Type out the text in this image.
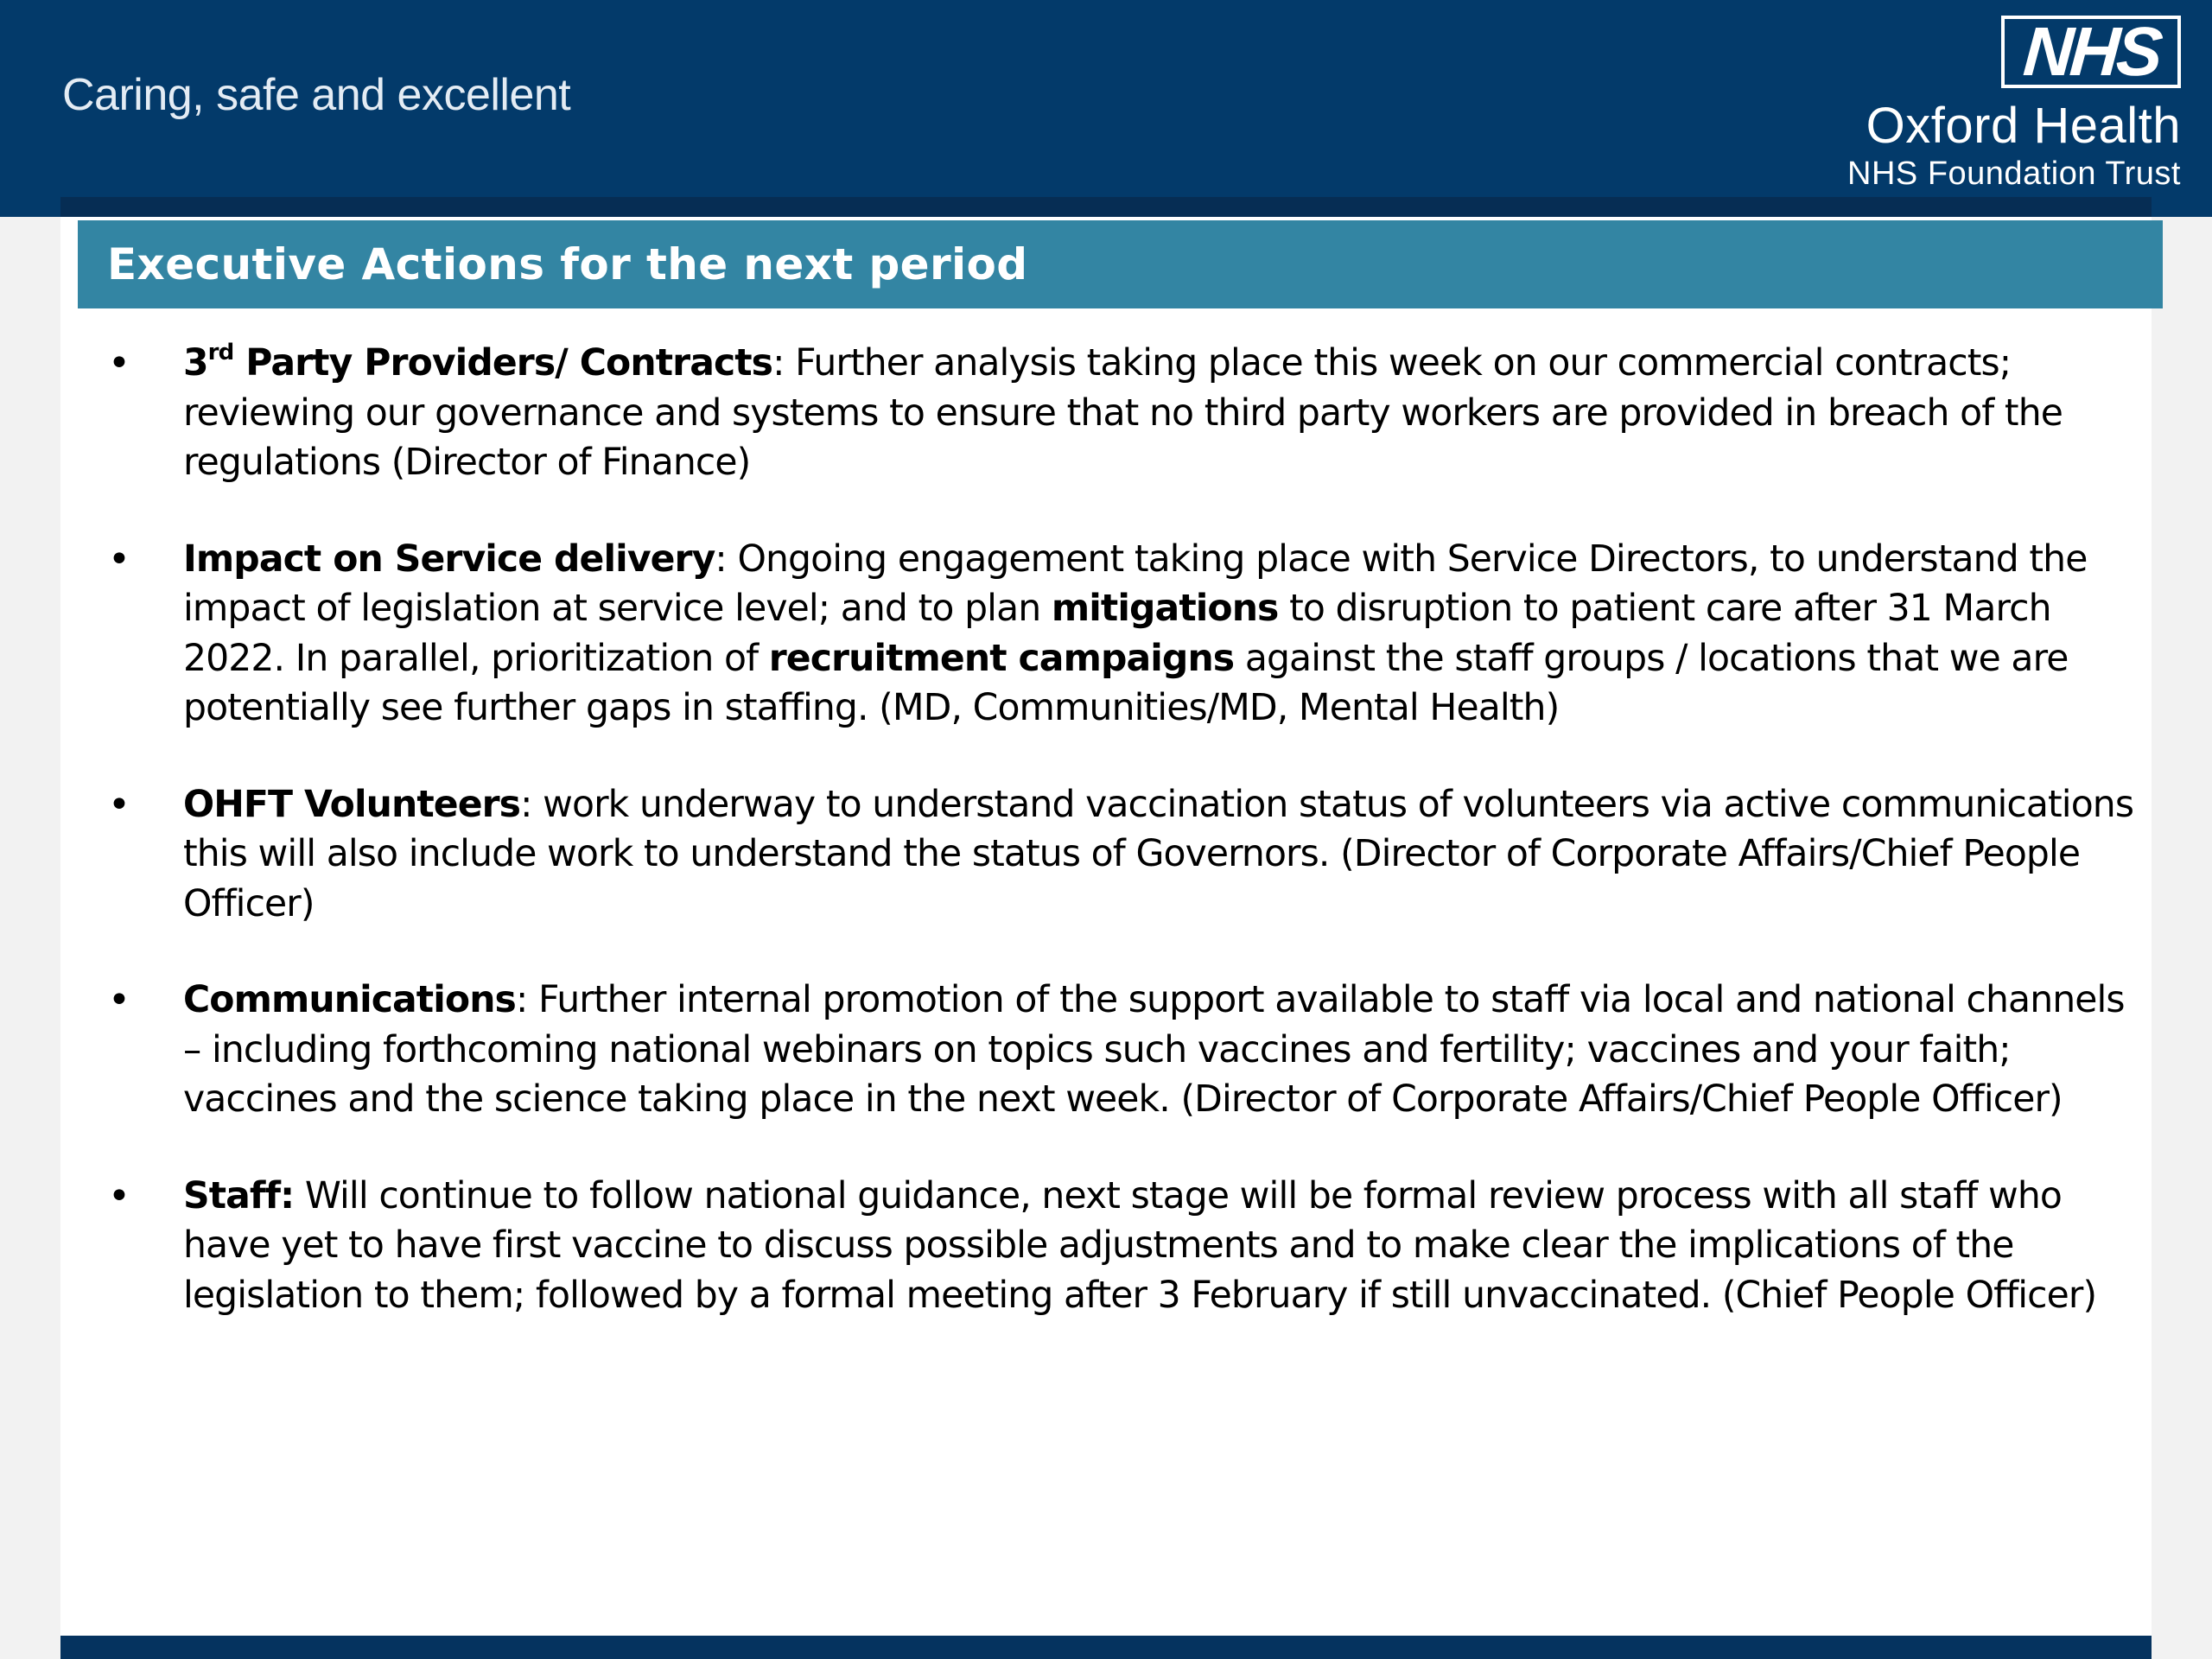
Caring, safe and excellent
NHS
Oxford Health
NHS Foundation Trust
Executive Actions for the next period
• 3rd Party Providers/ Contracts: Further analysis taking place this week on our commercial contracts; reviewing our governance and systems to ensure that no third party workers are provided in breach of the regulations (Director of Finance)
• Impact on Service delivery: Ongoing engagement taking place with Service Directors, to understand the impact of legislation at service level; and to plan mitigations to disruption to patient care after 31 March 2022. In parallel, prioritization of recruitment campaigns against the staff groups / locations that we are potentially see further gaps in staffing. (MD, Communities/MD, Mental Health)
• OHFT Volunteers: work underway to understand vaccination status of volunteers via active communications this will also include work to understand the status of Governors. (Director of Corporate Affairs/Chief People Officer)
• Communications: Further internal promotion of the support available to staff via local and national channels – including forthcoming national webinars on topics such vaccines and fertility; vaccines and your faith; vaccines and the science taking place in the next week. (Director of Corporate Affairs/Chief People Officer)
• Staff: Will continue to follow national guidance, next stage will be formal review process with all staff who have yet to have first vaccine to discuss possible adjustments and to make clear the implications of the legislation to them; followed by a formal meeting after 3 February if still unvaccinated. (Chief People Officer)
